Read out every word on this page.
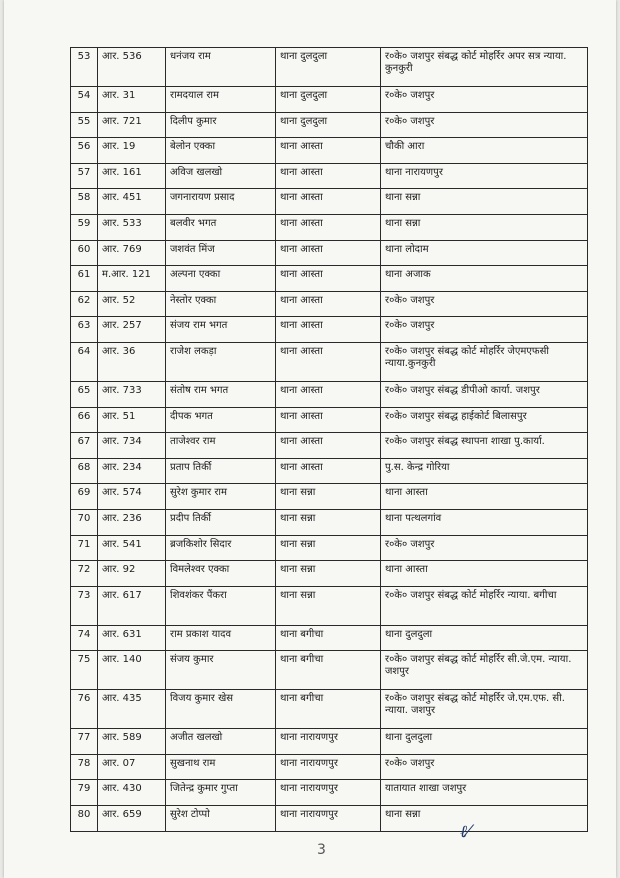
53	आर. 536	धनंजय राम	थाना दुलदुला	र०के० जशपुर संबद्ध कोर्ट मोहर्रिर अपर सत्र न्याया. कुनकुरी
54	आर. 31	रामदयाल राम	थाना दुलदुला	र०के० जशपुर
55	आर. 721	दिलीप कुमार	थाना दुलदुला	र०के० जशपुर
56	आर. 19	बेलोन एक्का	थाना आस्ता	चौकी आरा
57	आर. 161	अविज खलखो	थाना आस्ता	थाना नारायणपुर
58	आर. 451	जगनारायण प्रसाद	थाना आस्ता	थाना सन्ना
59	आर. 533	बलवीर भगत	थाना आस्ता	थाना सन्ना
60	आर. 769	जशवंत मिंज	थाना आस्ता	थाना लोदाम
61	म.आर. 121	अल्पना एक्का	थाना आस्ता	थाना अजाक
62	आर. 52	नेस्तोर एक्का	थाना आस्ता	र०के० जशपुर
63	आर. 257	संजय राम भगत	थाना आस्ता	र०के० जशपुर
64	आर. 36	राजेश लकड़ा	थाना आस्ता	र०के० जशपुर संबद्ध कोर्ट मोहर्रिर जेएमएफसी न्याया.कुनकुरी
65	आर. 733	संतोष राम भगत	थाना आस्ता	र०के० जशपुर संबद्ध डीपीओ कार्या. जशपुर
66	आर. 51	दीपक भगत	थाना आस्ता	र०के० जशपुर संबद्ध हाईकोर्ट बिलासपुर
67	आर. 734	ताजेश्वर राम	थाना आस्ता	र०के० जशपुर संबद्ध स्थापना शाखा पु.कार्या.
68	आर. 234	प्रताप तिर्की	थाना आस्ता	पु.स. केन्द्र गोरिया
69	आर. 574	सुरेश कुमार राम	थाना सन्ना	थाना आस्ता
70	आर. 236	प्रदीप तिर्की	थाना सन्ना	थाना पत्थलगांव
71	आर. 541	ब्रजकिशोर सिदार	थाना सन्ना	र०के० जशपुर
72	आर. 92	विमलेश्वर एक्का	थाना सन्ना	थाना आस्ता
73	आर. 617	शिवशंकर पैंकरा	थाना सन्ना	र०के० जशपुर संबद्ध कोर्ट मोहर्रिर न्याया. बगीचा
74	आर. 631	राम प्रकाश यादव	थाना बगीचा	थाना दुलदुला
75	आर. 140	संजय कुमार	थाना बगीचा	र०के० जशपुर संबद्ध कोर्ट मोहर्रिर सी.जे.एम. न्याया. जशपुर
76	आर. 435	विजय कुमार खेस	थाना बगीचा	र०के० जशपुर संबद्ध कोर्ट मोहर्रिर जे.एम.एफ. सी. न्याया. जशपुर
77	आर. 589	अजीत खलखो	थाना नारायणपुर	थाना दुलदुला
78	आर. 07	सुखनाथ राम	थाना नारायणपुर	र०के० जशपुर
79	आर. 430	जितेन्द्र कुमार गुप्ता	थाना नारायणपुर	यातायात शाखा जशपुर
80	आर. 659	सुरेश टोप्पो	थाना नारायणपुर	थाना सन्ना
ℓ⁄
3
